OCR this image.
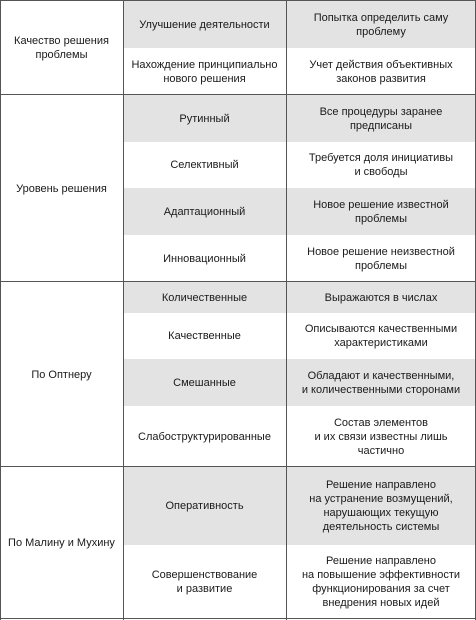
Улучшение деятельности
Попытка определить саму
проблему
Нахождение принципиально
нового решения
Учет действия объективных
законов развития
Качество решения
проблемы
Рутинный
Все процедуры заранее
предписаны
Селективный
Требуется доля инициативы
и свободы
Адаптационный
Новое решение известной
проблемы
Инновационный
Новое решение неизвестной
проблемы
Уровень решения
Количественные	Выражаются в числах
Качественные
Описываются качественными
характеристиками
Смешанные
Обладают и качественными,
и количественными сторонами
Слабоструктурированные
Состав элементов
и их связи известны лишь
частично
По Оптнеру
Оперативность
Решение направлено
на устранение возмущений,
нарушающих текущую
деятельность системы
Совершенствование
и развитие
Решение направлено
на повышение эффективности
функционирования за счет
внедрения новых идей
По Малину и Мухину
